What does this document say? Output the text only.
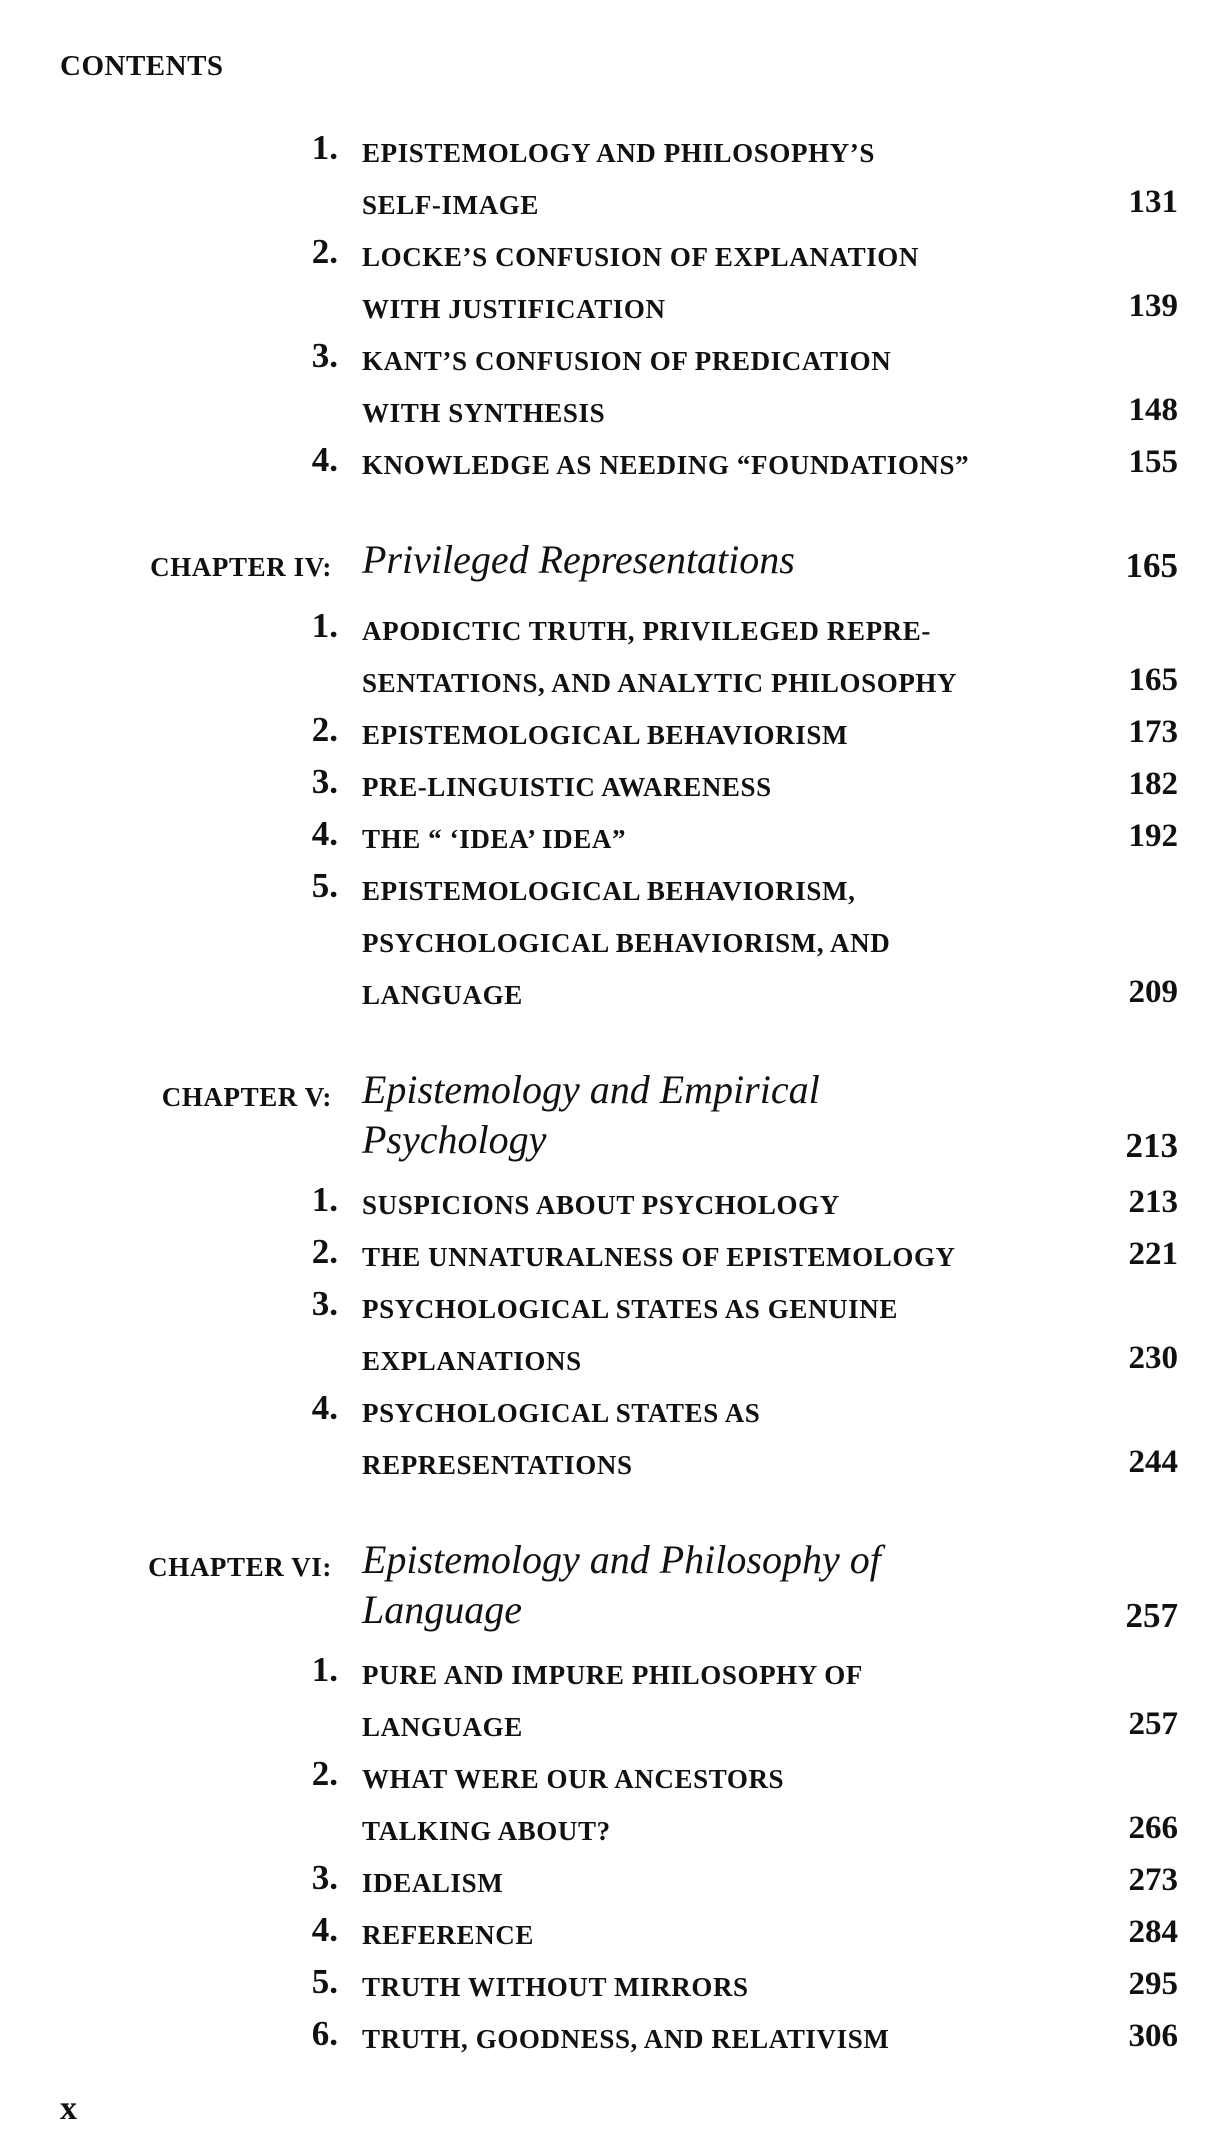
CONTENTS
1. EPISTEMOLOGY AND PHILOSOPHY’S
SELF-IMAGE	131
2. LOCKE’S CONFUSION OF EXPLANATION
WITH JUSTIFICATION	139
3. KANT’S CONFUSION OF PREDICATION
WITH SYNTHESIS	148
4. KNOWLEDGE AS NEEDING “FOUNDATIONS”	155
CHAPTER IV: Privileged Representations	165
1. APODICTIC TRUTH, PRIVILEGED REPRE-
SENTATIONS, AND ANALYTIC PHILOSOPHY	165
2. EPISTEMOLOGICAL BEHAVIORISM	173
3. PRE-LINGUISTIC AWARENESS	182
4. THE “ ‘IDEA’ IDEA”	192
5. EPISTEMOLOGICAL BEHAVIORISM,
PSYCHOLOGICAL BEHAVIORISM, AND
LANGUAGE	209
CHAPTER V: Epistemology and Empirical
Psychology	213
1. SUSPICIONS ABOUT PSYCHOLOGY	213
2. THE UNNATURALNESS OF EPISTEMOLOGY	221
3. PSYCHOLOGICAL STATES AS GENUINE
EXPLANATIONS	230
4. PSYCHOLOGICAL STATES AS
REPRESENTATIONS	244
CHAPTER VI: Epistemology and Philosophy of
Language	257
1. PURE AND IMPURE PHILOSOPHY OF
LANGUAGE	257
2. WHAT WERE OUR ANCESTORS
TALKING ABOUT?	266
3. IDEALISM	273
4. REFERENCE	284
5. TRUTH WITHOUT MIRRORS	295
6. TRUTH, GOODNESS, AND RELATIVISM	306
x
